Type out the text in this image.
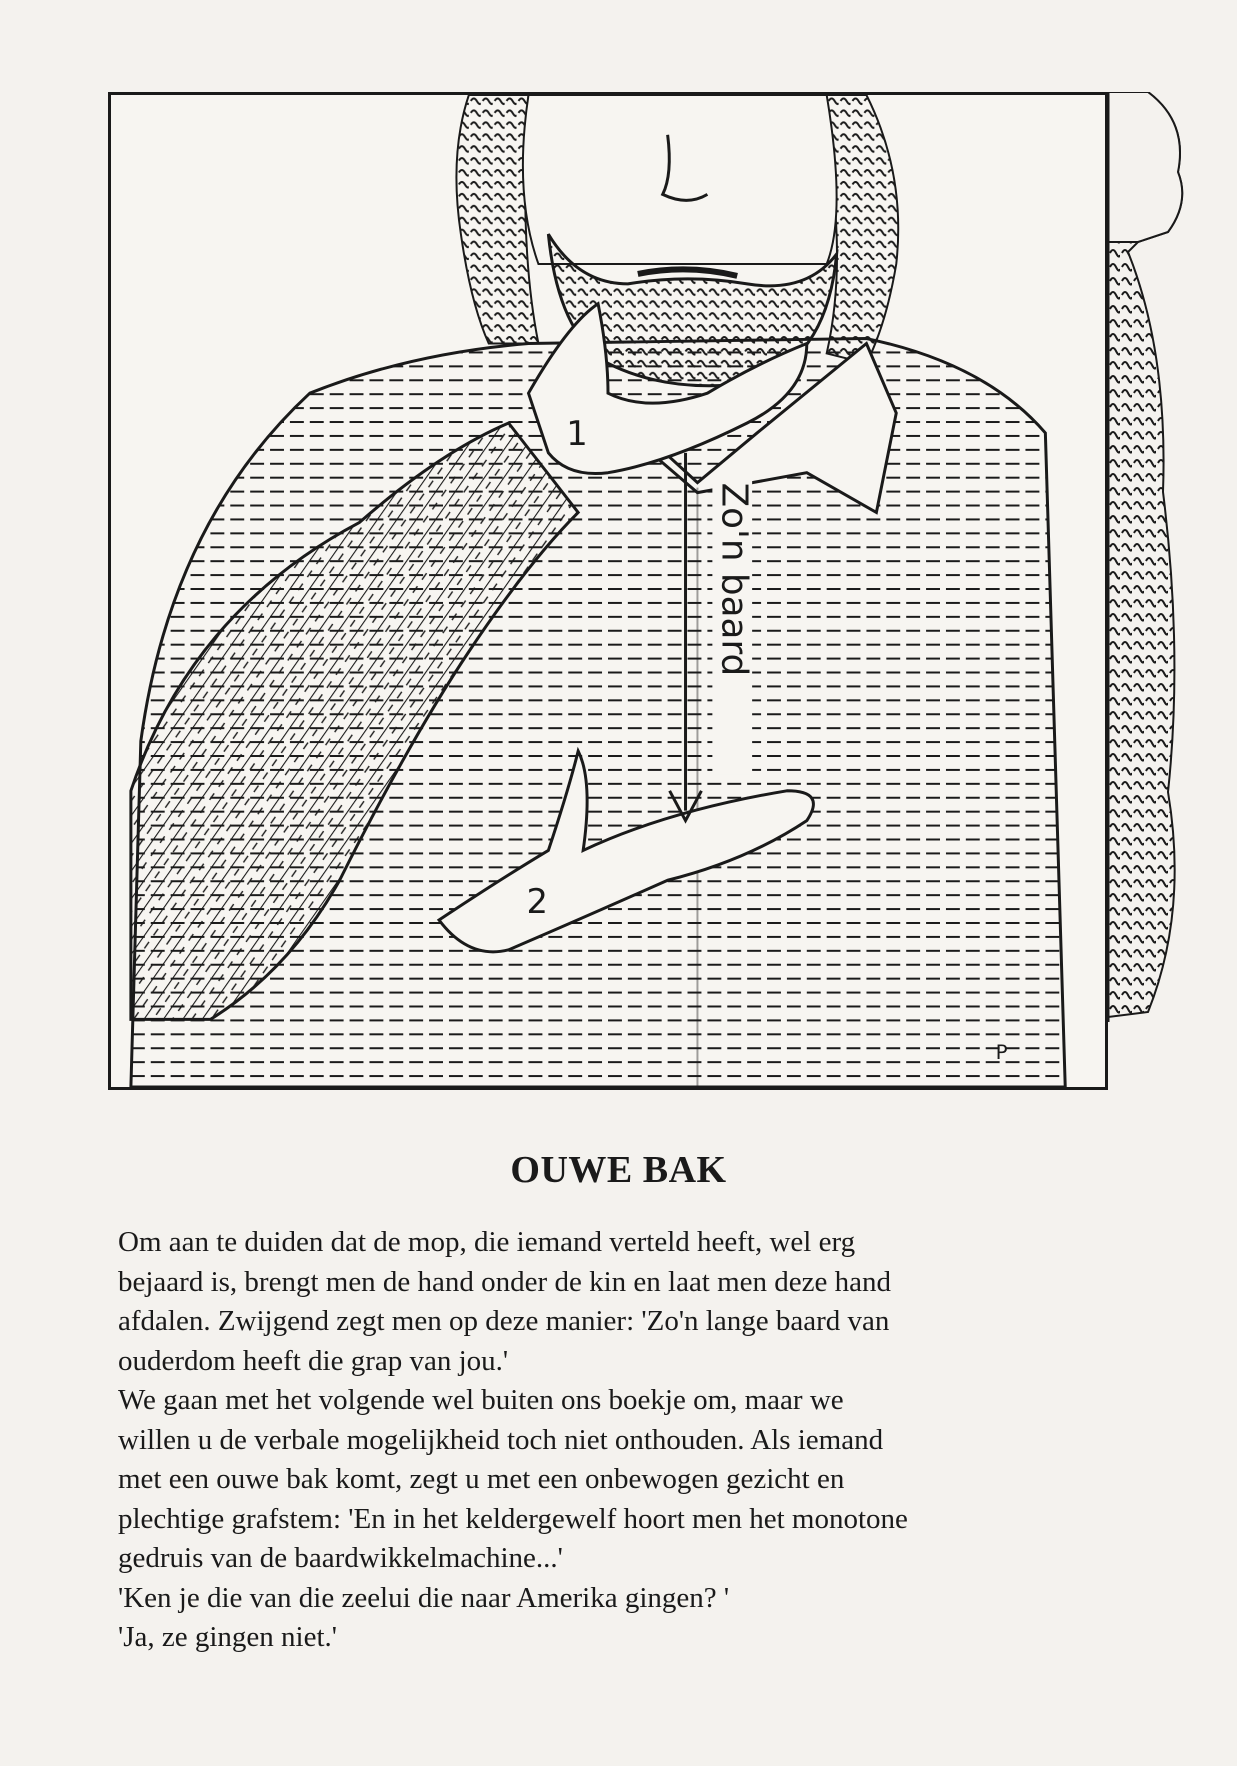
Zo'n baard
1
2
P
OUWE BAK

Om aan te duiden dat de mop, die iemand verteld heeft, wel erg

bejaard is, brengt men de hand onder de kin en laat men deze hand

afdalen. Zwijgend zegt men op deze manier: 'Zo'n lange baard van

ouderdom heeft die grap van jou.'

We gaan met het volgende wel buiten ons boekje om, maar we

willen u de verbale mogelijkheid toch niet onthouden. Als iemand

met een ouwe bak komt, zegt u met een onbewogen gezicht en

plechtige grafstem: 'En in het keldergewelf hoort men het monotone

gedruis van de baardwikkelmachine...'

'Ken je die van die zeelui die naar Amerika gingen? '

'Ja, ze gingen niet.'
